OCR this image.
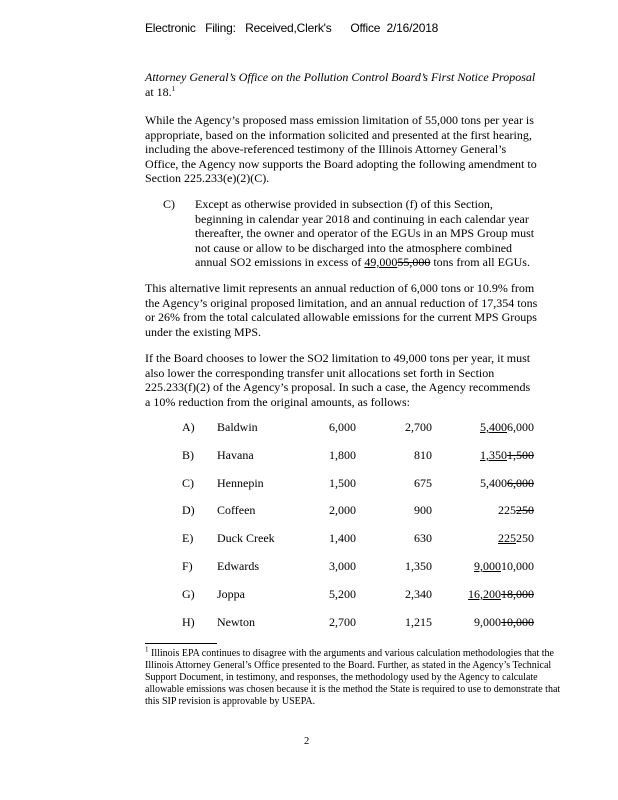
Electronic   Filing:   Received,Clerk's      Office  2/16/2018
Attorney General’s Office on the Pollution Control Board’s First Notice Proposal
at 18.$^1$
While the Agency’s proposed mass emission limitation of 55,000 tons per year is
appropriate, based on the information solicited and presented at the first hearing,
including the above-referenced testimony of the Illinois Attorney General’s
Office, the Agency now supports the Board adopting the following amendment to
Section 225.233(e)(2)(C).
C) Except as otherwise provided in subsection (f) of this Section,
beginning in calendar year 2018 and continuing in each calendar year
thereafter, the owner and operator of the EGUs in an MPS Group must
not cause or allow to be discharged into the atmosphere combined
annual SO2 emissions in excess of 49,00055,000 tons from all EGUs.
This alternative limit represents an annual reduction of 6,000 tons or 10.9% from
the Agency’s original proposed limitation, and an annual reduction of 17,354 tons
or 26% from the total calculated allowable emissions for the current MPS Groups
under the existing MPS.
If the Board chooses to lower the SO2 limitation to 49,000 tons per year, it must
also lower the corresponding transfer unit allocations set forth in Section
225.233(f)(2) of the Agency’s proposal. In such a case, the Agency recommends
a 10% reduction from the original amounts, as follows:
A) Baldwin	6,000	2,700	5,4006,000
B) Havana	1,800	810	1,3501,500
C) Hennepin	1,500	675	5,4006,000
D) Coffeen	2,000	900	225250
E) Duck Creek	1,400	630	225250
F) Edwards	3,000	1,350	9,00010,000
G) Joppa	5,200	2,340	16,20018,000
H) Newton	2,700	1,215	9,00010,000
$^1$ Illinois EPA continues to disagree with the arguments and various calculation methodologies that the
Illinois Attorney General’s Office presented to the Board. Further, as stated in the Agency’s Technical
Support Document, in testimony, and responses, the methodology used by the Agency to calculate
allowable emissions was chosen because it is the method the State is required to use to demonstrate that
this SIP revision is approvable by USEPA.
2
